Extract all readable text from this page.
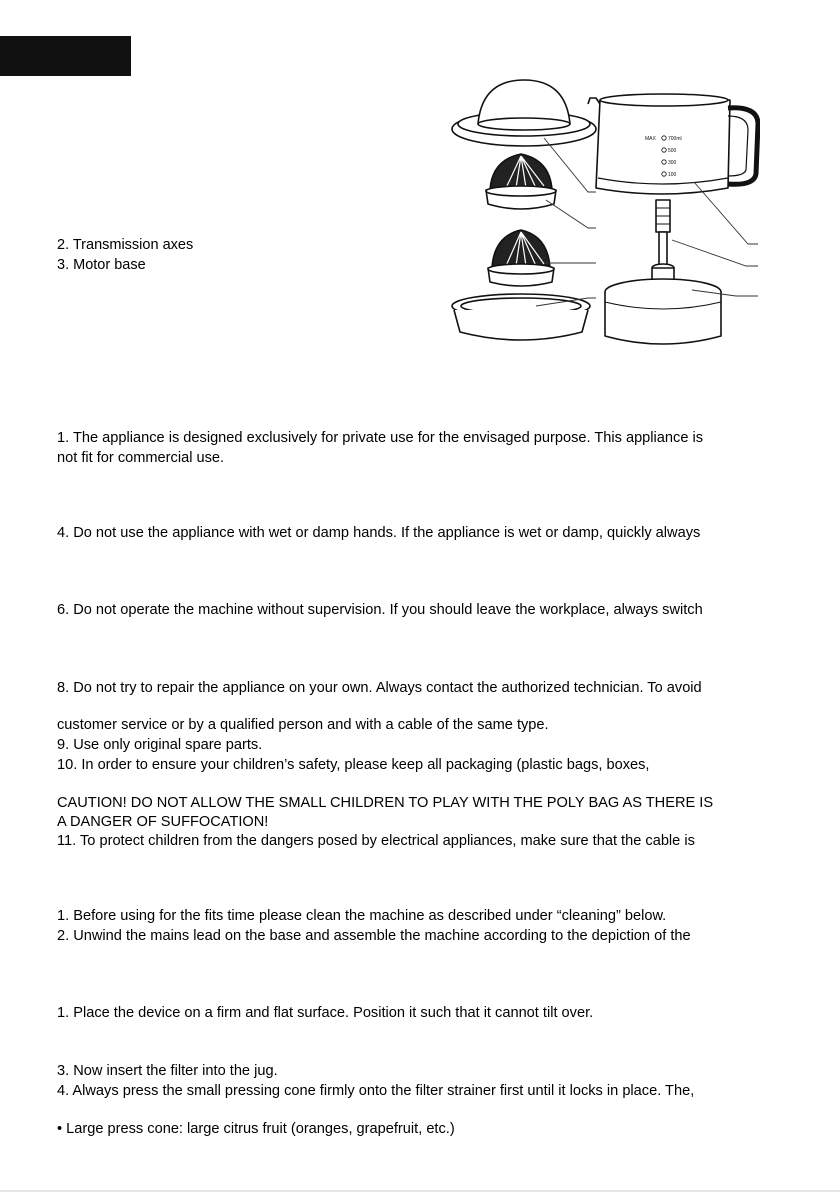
2. Transmission axes
3. Motor base
MAX 700ml
500
300
100
1. The appliance is designed exclusively for private use for the envisaged purpose. This appliance is
not fit for commercial use.
4. Do not use the appliance with wet or damp hands. If the appliance is wet or damp, quickly always
6. Do not operate the machine without supervision. If you should leave the workplace, always switch
8. Do not try to repair the appliance on your own. Always contact the authorized technician. To avoid
customer service or by a qualified person and with a cable of the same type.
9. Use only original spare parts.
10. In order to ensure your children’s safety, please keep all packaging (plastic bags, boxes,
CAUTION! DO NOT ALLOW THE SMALL CHILDREN TO PLAY WITH THE POLY BAG AS THERE IS
A DANGER OF SUFFOCATION!
11. To protect children from the dangers posed by electrical appliances, make sure that the cable is
1. Before using for the fits time please clean the machine as described under “cleaning” below.
2. Unwind the mains lead on the base and assemble the machine according to the depiction of the
1. Place the device on a firm and flat surface. Position it such that it cannot tilt over.
3. Now insert the filter into the jug.
4. Always press the small pressing cone firmly onto the filter strainer first until it locks in place. The,
• Large press cone: large citrus fruit (oranges, grapefruit, etc.)
